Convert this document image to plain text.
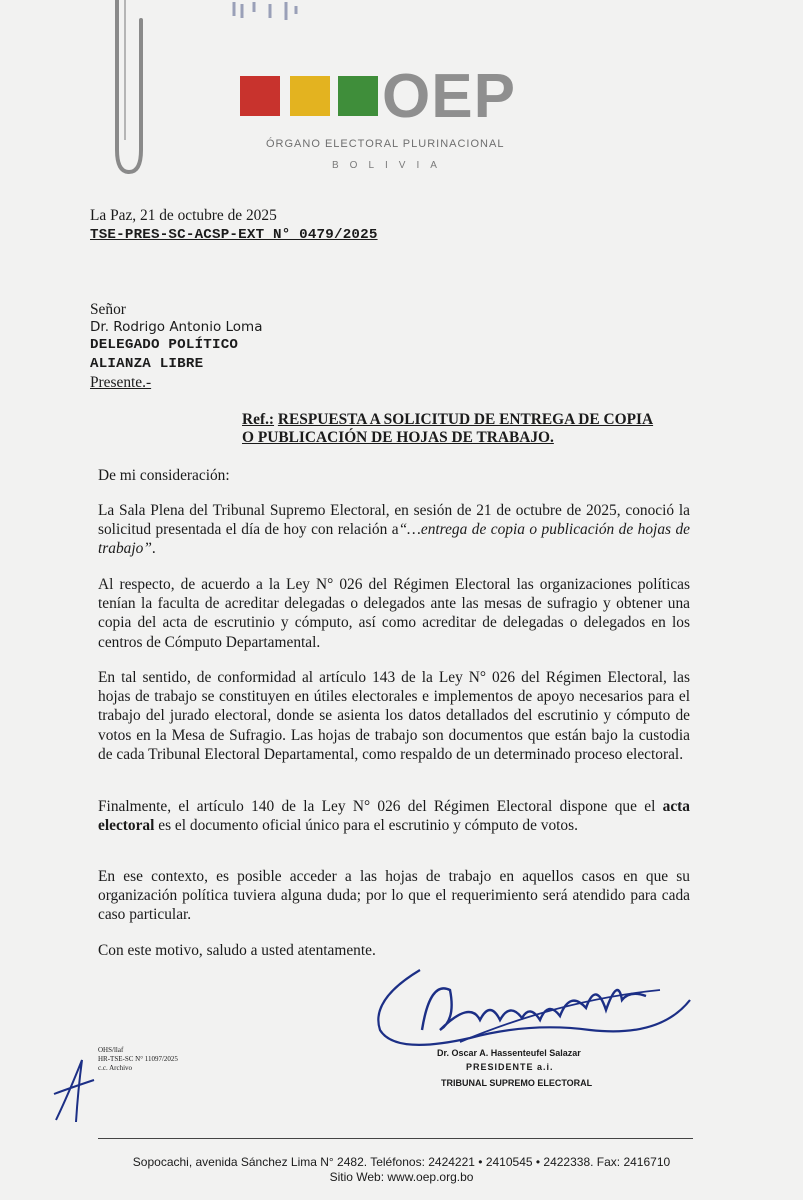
OEP
ÓRGANO ELECTORAL PLURINACIONAL
BOLIVIA
La Paz, 21 de octubre de 2025
TSE-PRES-SC-ACSP-EXT N° 0479/2025
Señor
Dr. Rodrigo Antonio Loma
DELEGADO POLÍTICO
ALIANZA LIBRE
Presente.-
Ref.: RESPUESTA A SOLICITUD DE ENTREGA DE COPIA
O PUBLICACIÓN DE HOJAS DE TRABAJO.
De mi consideración:
La Sala Plena del Tribunal Supremo Electoral, en sesión de 21 de octubre de 2025, conoció la solicitud presentada el día de hoy con relación a“…entrega de copia o publicación de hojas de trabajo”.
Al respecto, de acuerdo a la Ley N° 026 del Régimen Electoral las organizaciones políticas tenían la faculta de acreditar delegadas o delegados ante las mesas de sufragio y obtener una copia del acta de escrutinio y cómputo, así como acreditar de delegadas o delegados en los centros de Cómputo Departamental.
En tal sentido, de conformidad al artículo 143 de la Ley N° 026 del Régimen Electoral, las hojas de trabajo se constituyen en útiles electorales e implementos de apoyo necesarios para el trabajo del jurado electoral, donde se asienta los datos detallados del escrutinio y cómputo de votos en la Mesa de Sufragio. Las hojas de trabajo son documentos que están bajo la custodia de cada Tribunal Electoral Departamental, como respaldo de un determinado proceso electoral.
Finalmente, el artículo 140 de la Ley N° 026 del Régimen Electoral dispone que el acta electoral es el documento oficial único para el escrutinio y cómputo de votos.
En ese contexto, es posible acceder a las hojas de trabajo en aquellos casos en que su organización política tuviera alguna duda; por lo que el requerimiento será atendido para cada caso particular.
Con este motivo, saludo a usted atentamente.
Dr. Oscar A. Hassenteufel Salazar
PRESIDENTE a.i.
TRIBUNAL SUPREMO ELECTORAL
OHS/llaf
HR-TSE-SC N° 11097/2025
c.c. Archivo
Sopocachi, avenida Sánchez Lima N° 2482. Teléfonos: 2424221 • 2410545 • 2422338. Fax: 2416710
Sitio Web: www.oep.org.bo
